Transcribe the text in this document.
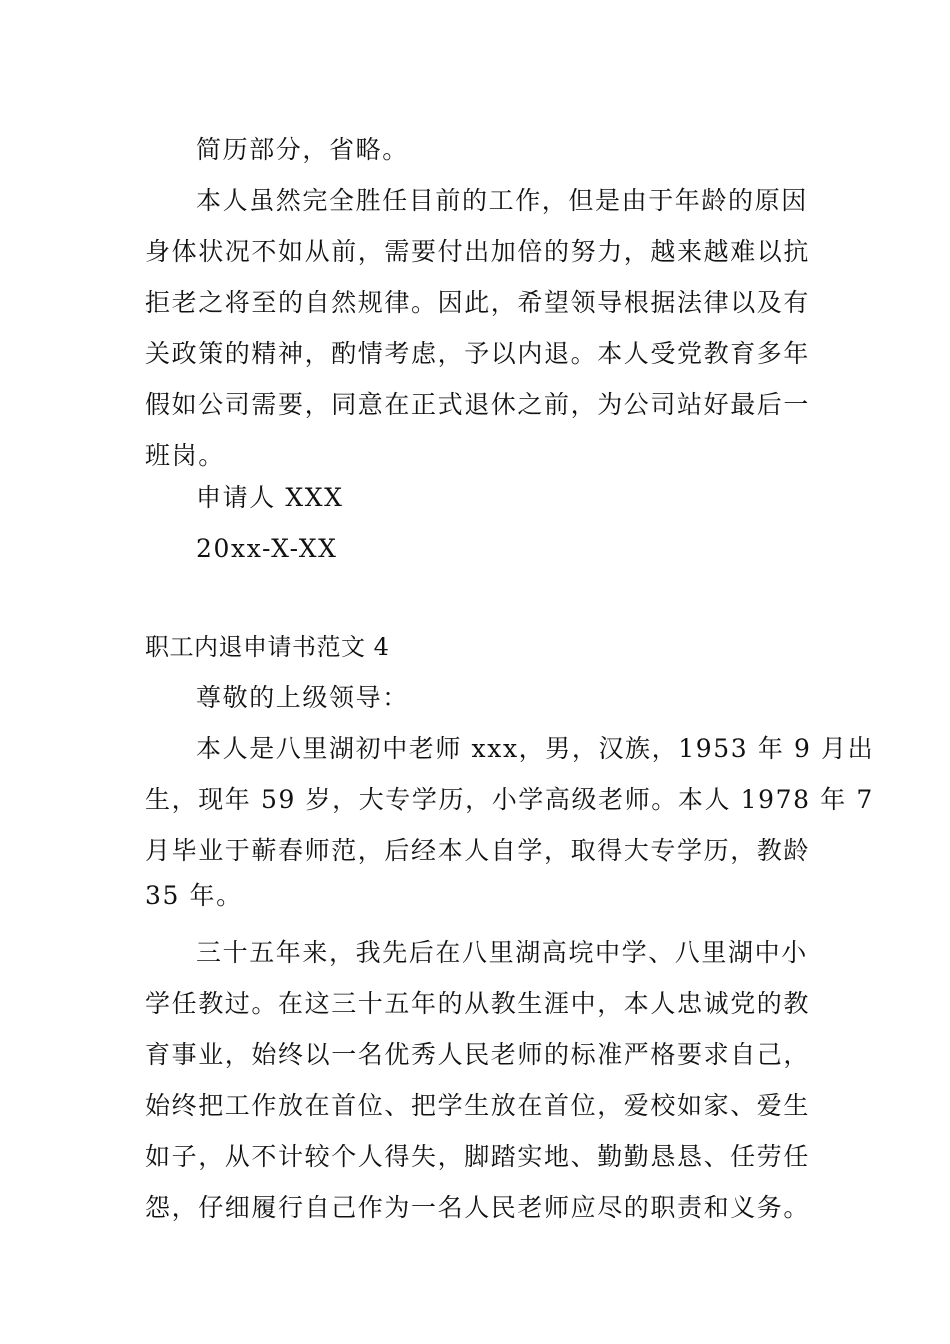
简历部分，省略。
本人虽然完全胜任目前的工作，但是由于年龄的原因
身体状况不如从前，需要付出加倍的努力，越来越难以抗
拒老之将至的自然规律。因此，希望领导根据法律以及有
关政策的精神，酌情考虑，予以内退。本人受党教育多年
假如公司需要，同意在正式退休之前，为公司站好最后一
班岗。
申请人 XXX
20xx-X-XX
职工内退申请书范文 4
尊敬的上级领导：
本人是八里湖初中老师 xxx，男，汉族，1953 年 9 月出
生，现年 59 岁，大专学历，小学高级老师。本人 1978 年 7
月毕业于蕲春师范，后经本人自学，取得大专学历，教龄
35 年。
三十五年来，我先后在八里湖高垸中学、八里湖中小
学任教过。在这三十五年的从教生涯中，本人忠诚党的教
育事业，始终以一名优秀人民老师的标准严格要求自己，
始终把工作放在首位、把学生放在首位，爱校如家、爱生
如子，从不计较个人得失，脚踏实地、勤勤恳恳、任劳任
怨，仔细履行自己作为一名人民老师应尽的职责和义务。
